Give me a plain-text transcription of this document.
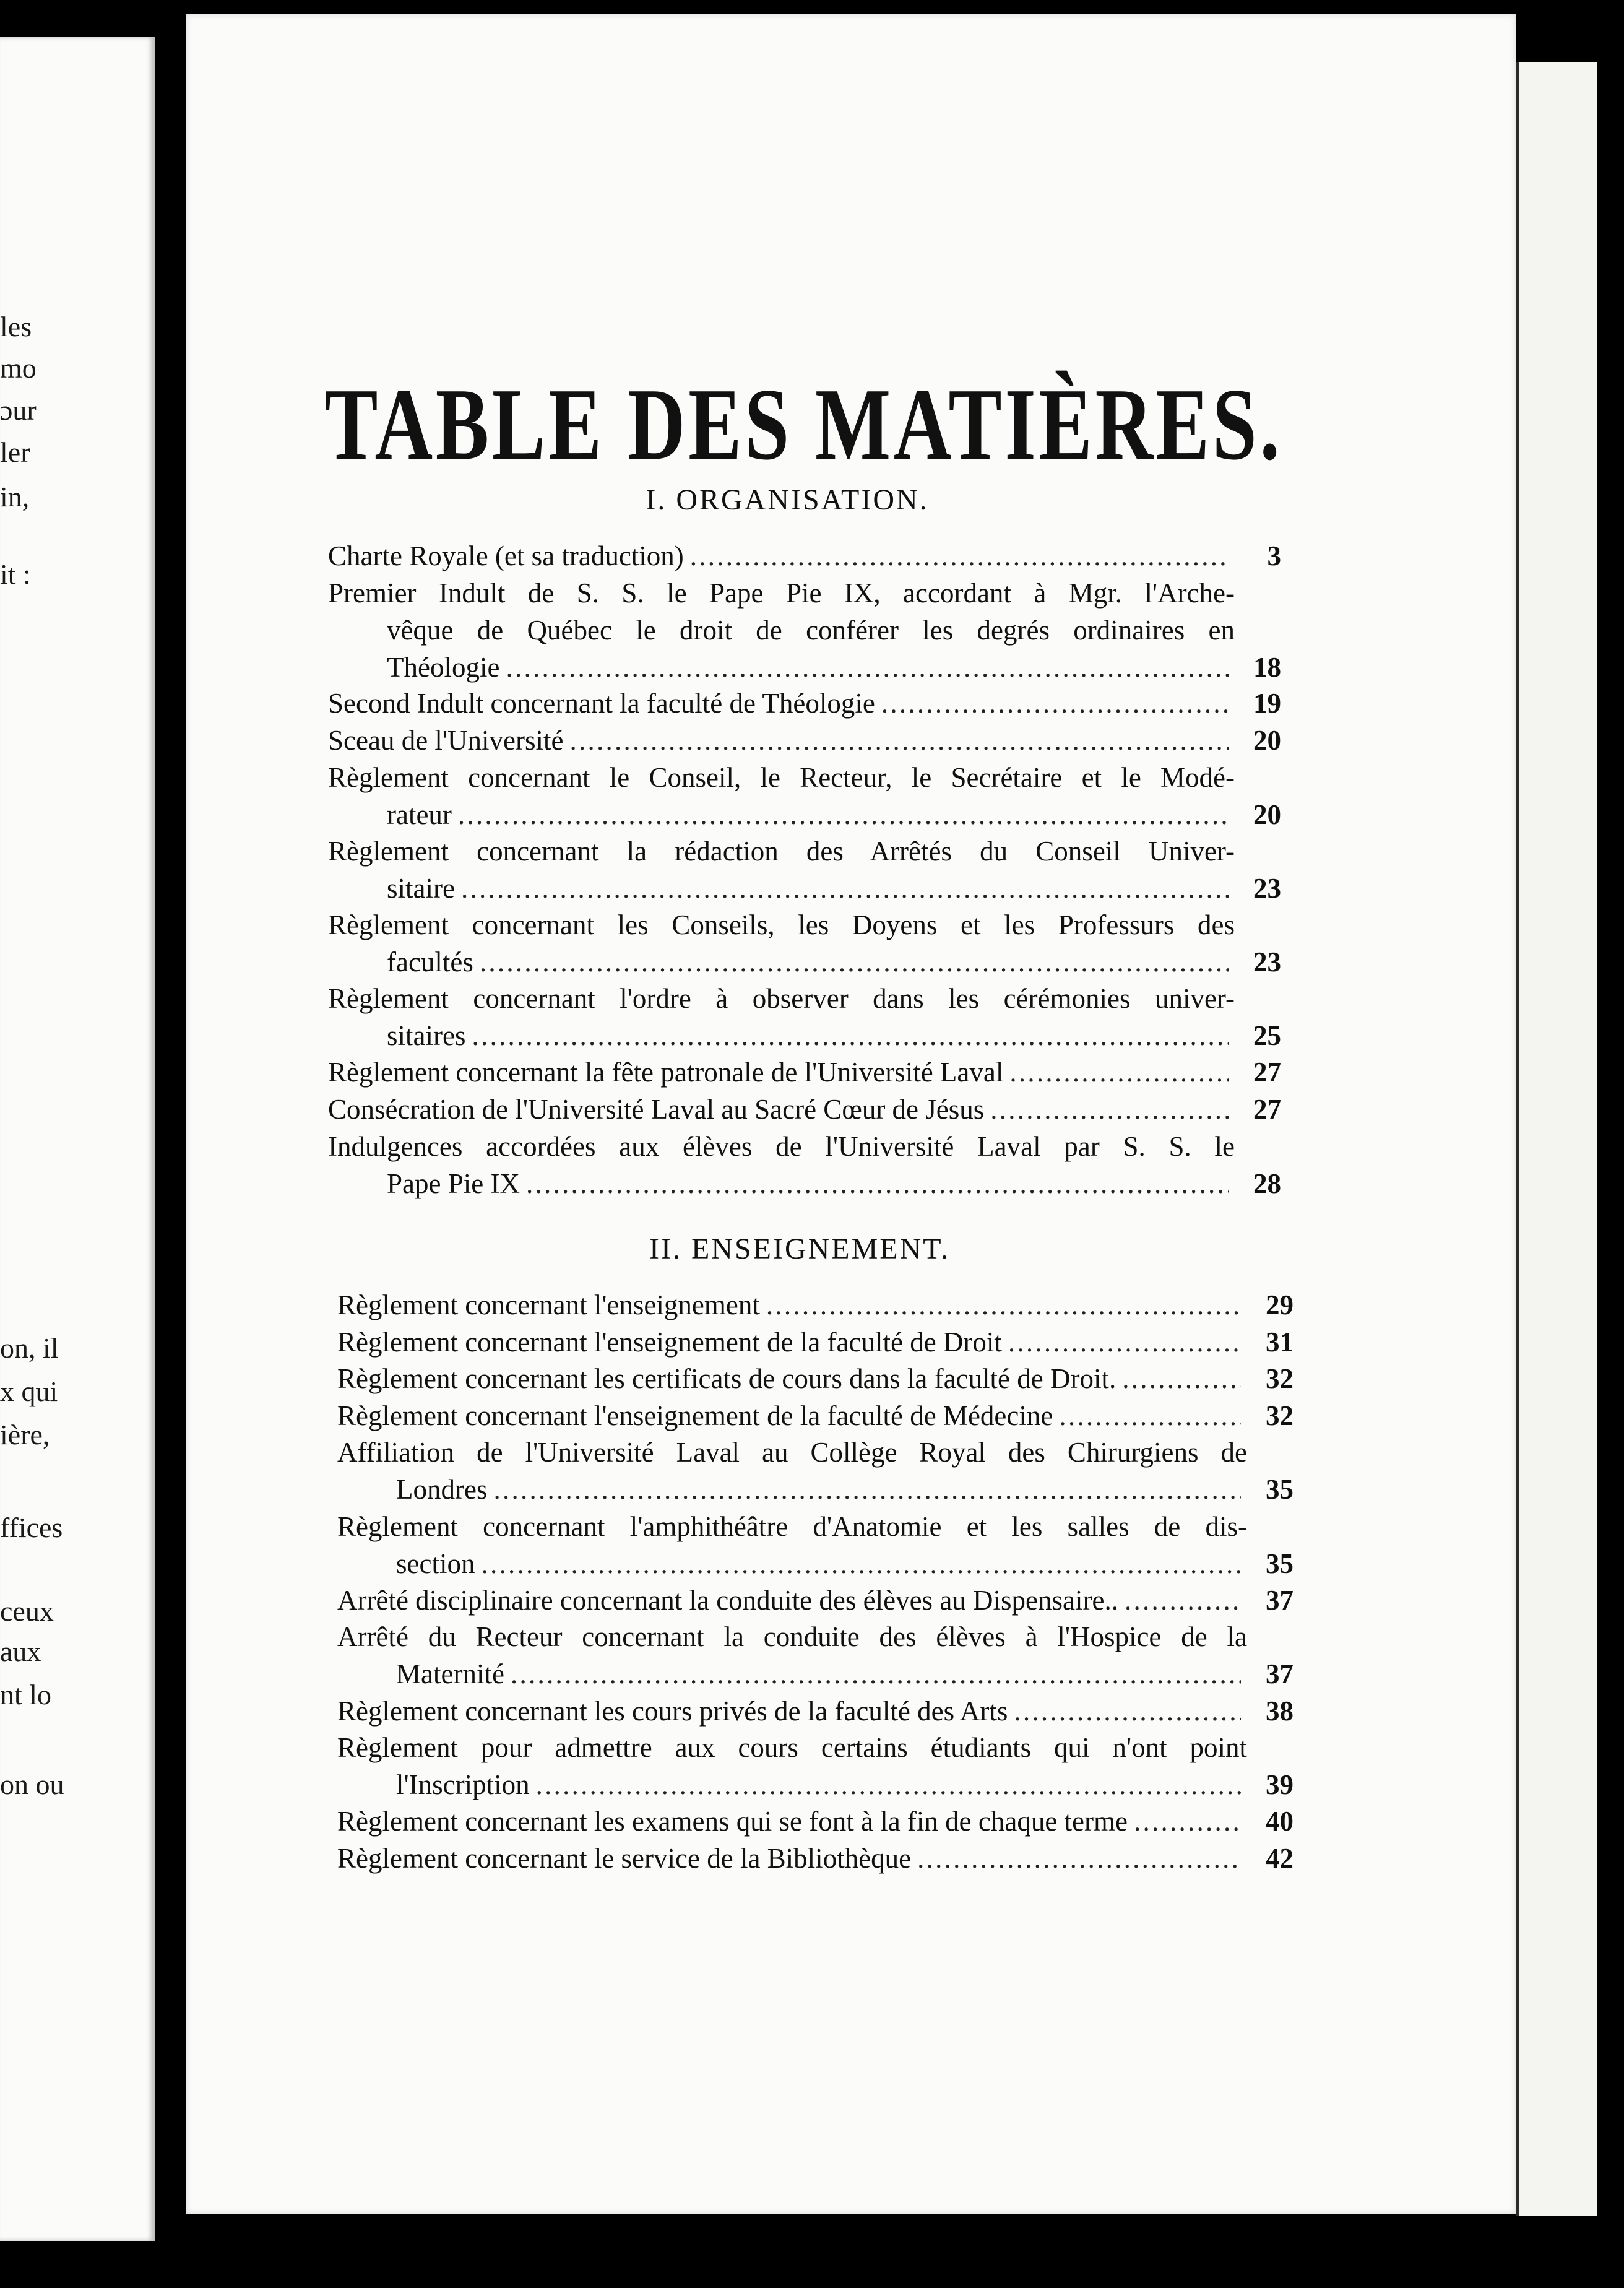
les
mo
ɔur
ler
in,
it :
on, il
x qui
ière,
ffices
ceux
aux
nt lo
on ou
TABLE DES MATIÈRES.
I. ORGANISATION.
Charte Royale (et sa traduction) . . .	3
Premier Indult de S. S. le Pape Pie IX, accordant à Mgr. l'Arche-
vêque de Québec le droit de conférer les degrés ordinaires en
Théologie . . .	18
Second Indult concernant la faculté de Théologie . . .	19
Sceau de l'Université . . .	20
Règlement concernant le Conseil, le Recteur, le Secrétaire et le Modé-
rateur . . .	20
Règlement concernant la rédaction des Arrêtés du Conseil Univer-
sitaire . . .	23
Règlement concernant les Conseils, les Doyens et les Professurs des
facultés . . .	23
Règlement concernant l'ordre à observer dans les cérémonies univer-
sitaires . . .	25
Règlement concernant la fête patronale de l'Université Laval . . .	27
Consécration de l'Université Laval au Sacré Cœur de Jésus . . .	27
Indulgences accordées aux élèves de l'Université Laval par S. S. le
Pape Pie IX . . .	28
II. ENSEIGNEMENT.
Règlement concernant l'enseignement . . .	29
Règlement concernant l'enseignement de la faculté de Droit . . .	31
Règlement concernant les certificats de cours dans la faculté de Droit. . . .	32
Règlement concernant l'enseignement de la faculté de Médecine . . .	32
Affiliation de l'Université Laval au Collège Royal des Chirurgiens de
Londres . . .	35
Règlement concernant l'amphithéâtre d'Anatomie et les salles de dis-
section . . .	35
Arrêté disciplinaire concernant la conduite des élèves au Dispensaire.. . . .	37
Arrêté du Recteur concernant la conduite des élèves à l'Hospice de la
Maternité . . .	37
Règlement concernant les cours privés de la faculté des Arts . . .	38
Règlement pour admettre aux cours certains étudiants qui n'ont point
l'Inscription . . .	39
Règlement concernant les examens qui se font à la fin de chaque terme . . .	40
Règlement concernant le service de la Bibliothèque . . .	42
